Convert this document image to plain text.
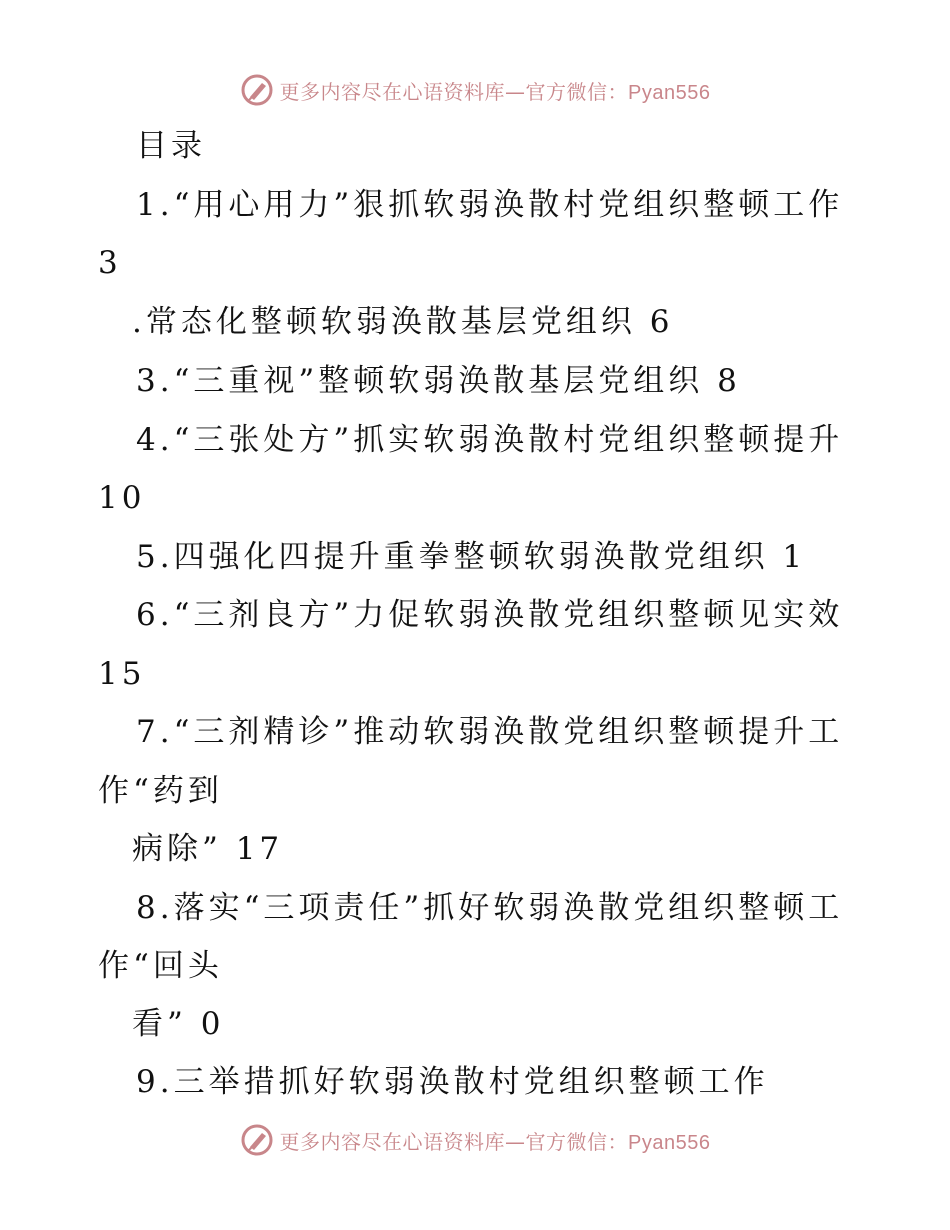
更多内容尽在心语资料库—官方微信：Pyan556
目录
1.“用心用力”狠抓软弱涣散村党组织整顿工作
3
.常态化整顿软弱涣散基层党组织 6
3.“三重视”整顿软弱涣散基层党组织 8
4.“三张处方”抓实软弱涣散村党组织整顿提升
10
5.四强化四提升重拳整顿软弱涣散党组织 1
6.“三剂良方”力促软弱涣散党组织整顿见实效
15
7.“三剂精诊”推动软弱涣散党组织整顿提升工
作“药到
病除” 17
8.落实“三项责任”抓好软弱涣散党组织整顿工
作“回头
看” 0
9.三举措抓好软弱涣散村党组织整顿工作
更多内容尽在心语资料库—官方微信：Pyan556
